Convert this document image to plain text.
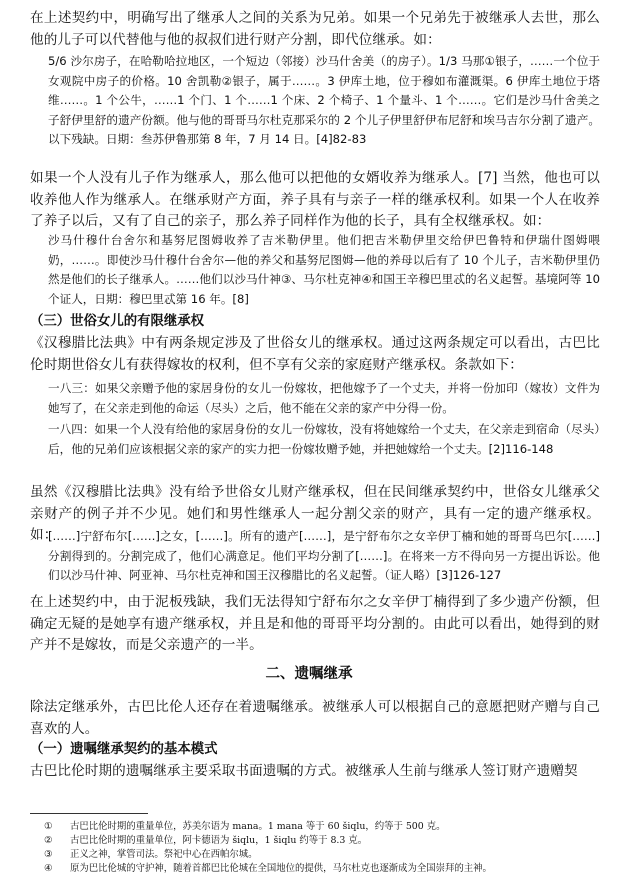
在上述契约中，明确写出了继承人之间的关系为兄弟。如果一个兄弟先于被继承人去世，那么他的儿子可以代替他与他的叔叔们进行财产分割，即代位继承。如：

5/6 沙尔房子，在哈勒哈拉地区，一个短边（邻接）沙马什舍美（的房子）。1/3 马那①银子，……一个位于女观院中房子的价格。10 舍凯勒②银子，属于……。3 伊库土地，位于穆如布灌溉渠。6 伊库土地位于塔维……。1 个公牛，……1 个门、1 个……1 个床、2 个椅子、1 个量斗、1 个……。它们是沙马什舍美之子舒伊里舒的遗产份额。他与他的哥哥马尔杜克那采尔的 2 个儿子伊里舒伊布尼舒和埃马吉尔分割了遗产。以下残缺。日期：叁苏伊鲁那第 8 年，7 月 14 日。[4]82-83

如果一个人没有儿子作为继承人，那么他可以把他的女婿收养为继承人。[7] 当然，他也可以收养他人作为继承人。在继承财产方面，养子具有与亲子一样的继承权利。如果一个人在收养了养子以后，又有了自己的亲子，那么养子同样作为他的长子，具有全权继承权。如：

沙马什穆什台舍尔和基努尼图姆收养了吉米勒伊里。他们把吉米勒伊里交给伊巴鲁特和伊瑞什图姆喂奶，……。即使沙马什穆什台舍尔—他的养父和基努尼图姆—他的养母以后有了 10 个儿子，吉米勒伊里仍然是他们的长子继承人。……他们以沙马什神③、马尔杜克神④和国王辛穆巴里忒的名义起誓。基境阿等 10 个证人，日期：穆巴里忒第 16 年。[8]

（三）世俗女儿的有限继承权

《汉穆腊比法典》中有两条规定涉及了世俗女儿的继承权。通过这两条规定可以看出，古巴比伦时期世俗女儿有获得嫁妆的权利，但不享有父亲的家庭财产继承权。条款如下：

一八三：如果父亲赠予他的家居身份的女儿一份嫁妆，把他嫁予了一个丈夫，并将一份加印（嫁妆）文件为她写了，在父亲走到他的命运（尽头）之后，他不能在父亲的家产中分得一份。

一八四：如果一个人没有给他的家居身份的女儿一份嫁妆，没有将她嫁给一个丈夫，在父亲走到宿命（尽头）后，他的兄弟们应该根据父亲的家产的实力把一份嫁妆赠予她，并把她嫁给一个丈夫。[2]116-148

虽然《汉穆腊比法典》没有给予世俗女儿财产继承权，但在民间继承契约中，世俗女儿继承父亲财产的例子并不少见。她们和男性继承人一起分割父亲的财产，具有一定的遗产继承权。如：

[……]宁舒布尔[……]之女，[……]。所有的遗产[……]，是宁舒布尔之女辛伊丁楠和她的哥哥乌巴尔[……]分割得到的。分割完成了，他们心满意足。他们平均分割了[……]。在将来一方不得向另一方提出诉讼。他们以沙马什神、阿亚神、马尔杜克神和国王汉穆腊比的名义起誓。（证人略）[3]126-127

在上述契约中，由于泥板残缺，我们无法得知宁舒布尔之女辛伊丁楠得到了多少遗产份额，但确定无疑的是她享有遗产继承权，并且是和他的哥哥平均分割的。由此可以看出，她得到的财产并不是嫁妆，而是父亲遗产的一半。

二、遗嘱继承

除法定继承外，古巴比伦人还存在着遗嘱继承。被继承人可以根据自己的意愿把财产赠与自己喜欢的人。

（一）遗嘱继承契约的基本模式

古巴比伦时期的遗嘱继承主要采取书面遗嘱的方式。被继承人生前与继承人签订财产遗赠契

① 古巴比伦时期的重量单位，苏美尔语为 mana。1 mana 等于 60 šiqlu，约等于 500 克。

② 古巴比伦时期的重量单位，阿卡德语为 šiqlu，1 šiqlu 约等于 8.3 克。

③ 正义之神，掌管司法。祭祀中心在西帕尔城。

④ 原为巴比伦城的守护神，随着首都巴比伦城在全国地位的提供，马尔杜克也逐渐成为全国崇拜的主神。
